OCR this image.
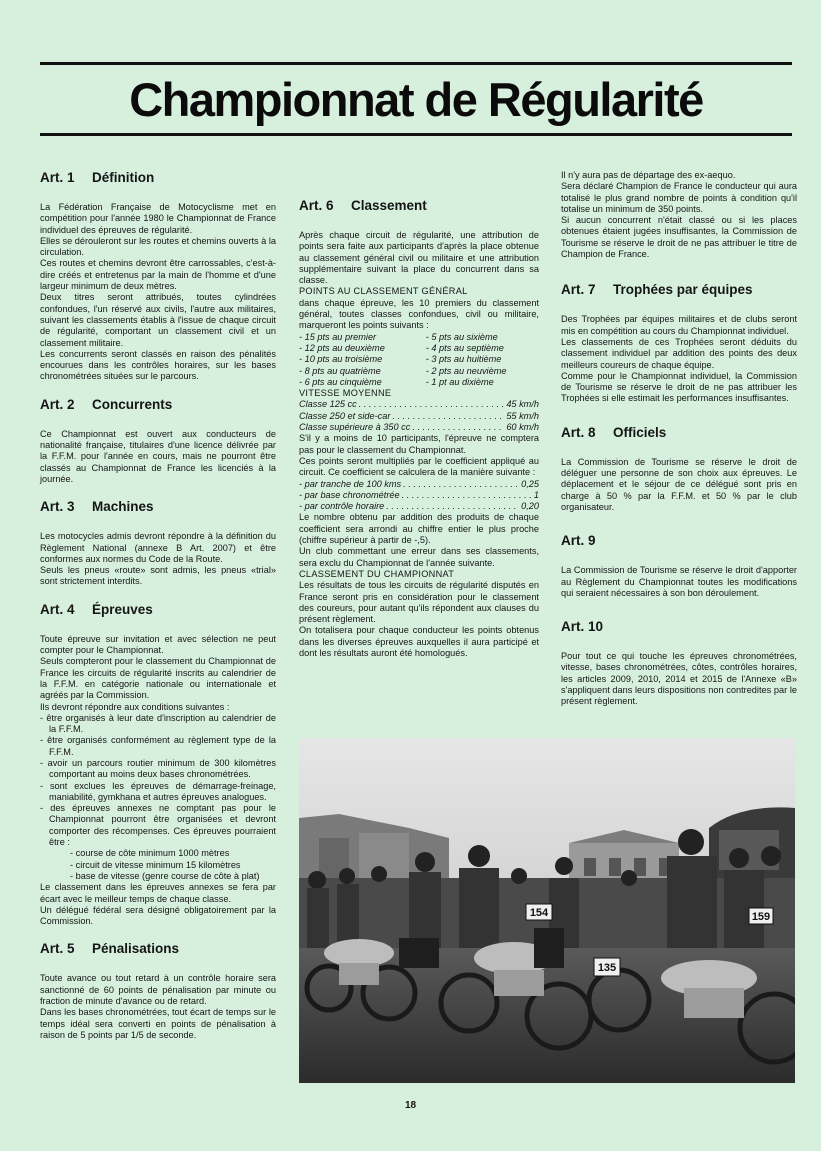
Championnat de Régularité
Art. 1 Définition

La Fédération Française de Motocyclisme met en compétition pour l'année 1980 le Championnat de France individuel des épreuves de régularité.

Elles se dérouleront sur les routes et chemins ouverts à la circulation.

Ces routes et chemins devront être carrossables, c'est-à-dire créés et entretenus par la main de l'homme et d'une largeur minimum de deux mètres.

Deux titres seront attribués, toutes cylindrées confondues, l'un réservé aux civils, l'autre aux militaires, suivant les classements établis à l'issue de chaque circuit de régularité, comportant un classement civil et un classement militaire.

Les concurrents seront classés en raison des pénalités encourues dans les contrôles horaires, sur les bases chronométrées situées sur le parcours.

Art. 2 Concurrents

Ce Championnat est ouvert aux conducteurs de nationalité française, titulaires d'une licence délivrée par la F.F.M. pour l'année en cours, mais ne pourront être classés au Championnat de France les licenciés à la journée.

Art. 3 Machines

Les motocycles admis devront répondre à la définition du Règlement National (annexe B Art. 2007) et être conformes aux normes du Code de la Route.

Seuls les pneus «route» sont admis, les pneus «trial» sont strictement interdits.

Art. 4 Épreuves

Toute épreuve sur invitation et avec sélection ne peut compter pour le Championnat.

Seuls compteront pour le classement du Championnat de France les circuits de régularité inscrits au calendrier de la F.F.M. en catégorie nationale ou internationale et agréés par la Commission.

Ils devront répondre aux conditions suivantes :

- être organisés à leur date d'inscription au calendrier de la F.F.M.
- être organisés conformément au règlement type de la F.F.M.
- avoir un parcours routier minimum de 300 kilomètres comportant au moins deux bases chronométrées.
- sont exclues les épreuves de démarrage-freinage, maniabilité, gymkhana et autres épreuves analogues.
- des épreuves annexes ne comptant pas pour le Championnat pourront être organisées et devront comporter des récompenses. Ces épreuves pourraient être :
- course de côte minimum 1000 mètres
- circuit de vitesse minimum 15 kilomètres
- base de vitesse (genre course de côte à plat)

Le classement dans les épreuves annexes se fera par écart avec le meilleur temps de chaque classe.

Un délégué fédéral sera désigné obligatoirement par la Commission.

Art. 5 Pénalisations

Toute avance ou tout retard à un contrôle horaire sera sanctionné de 60 points de pénalisation par minute ou fraction de minute d'avance ou de retard.

Dans les bases chronométrées, tout écart de temps sur le temps idéal sera converti en points de pénalisation à raison de 5 points par 1/5 de seconde.

Art. 6 Classement

Après chaque circuit de régularité, une attribution de points sera faite aux participants d'après la place obtenue au classement général civil ou militaire et une attribution supplémentaire suivant la place du concurrent dans sa classe.

POINTS AU CLASSEMENT GÉNÉRAL

dans chaque épreuve, les 10 premiers du classement général, toutes classes confondues, civil ou militaire, marqueront les points suivants :

- 15 pts au premier	- 5 pts au sixième
- 12 pts au deuxième	- 4 pts au septième
- 10 pts au troisième	- 3 pts au huitième
- 8 pts au quatrième	- 2 pts au neuvième
- 6 pts au cinquième	- 1 pt au dixième

VITESSE MOYENNE

Classe 125 cc . . .	45 km/h
Classe 250 et side-car . . .	55 km/h
Classe supérieure à 350 cc . . .	60 km/h

S'il y a moins de 10 participants, l'épreuve ne comptera pas pour le classement du Championnat.

Ces points seront multipliés par le coefficient appliqué au circuit. Ce coefficient se calculera de la manière suivante :

- par tranche de 100 kms . . .	0,25
- par base chronométrée . . .	1
- par contrôle horaire . . .	0,20

Le nombre obtenu par addition des produits de chaque coefficient sera arrondi au chiffre entier le plus proche (chiffre supérieur à partir de -,5).

Un club commettant une erreur dans ses classements, sera exclu du Championnat de l'année suivante.

CLASSEMENT DU CHAMPIONNAT

Les résultats de tous les circuits de régularité disputés en France seront pris en considération pour le classement des coureurs, pour autant qu'ils répondent aux clauses du présent règlement.

On totalisera pour chaque conducteur les points obtenus dans les diverses épreuves auxquelles il aura participé et dont les résultats auront été homologués.

Il n'y aura pas de départage des ex-aequo.

Sera déclaré Champion de France le conducteur qui aura totalisé le plus grand nombre de points à condition qu'il totalise un minimum de 350 points.

Si aucun concurrent n'était classé ou si les places obtenues étaient jugées insuffisantes, la Commission de Tourisme se réserve le droit de ne pas attribuer le titre de Champion de France.

Art. 7 Trophées par équipes

Des Trophées par équipes militaires et de clubs seront mis en compétition au cours du Championnat individuel.

Les classements de ces Trophées seront déduits du classement individuel par addition des points des deux meilleurs coureurs de chaque équipe.

Comme pour le Championnat individuel, la Commission de Tourisme se réserve le droit de ne pas attribuer les Trophées si elle estimait les performances insuffisantes.

Art. 8 Officiels

La Commission de Tourisme se réserve le droit de déléguer une personne de son choix aux épreuves. Le déplacement et le séjour de ce délégué sont pris en charge à 50 % par la F.F.M. et 50 % par le club organisateur.

Art. 9

La Commission de Tourisme se réserve le droit d'apporter au Règlement du Championnat toutes les modifications qui seraient nécessaires à son bon déroulement.

Art. 10

Pour tout ce qui touche les épreuves chronométrées, vitesse, bases chronométrées, côtes, contrôles horaires, les articles 2009, 2010, 2014 et 2015 de l'Annexe «B» s'appliquent dans leurs dispositions non contredites par le présent règlement.

154
135
159
18
